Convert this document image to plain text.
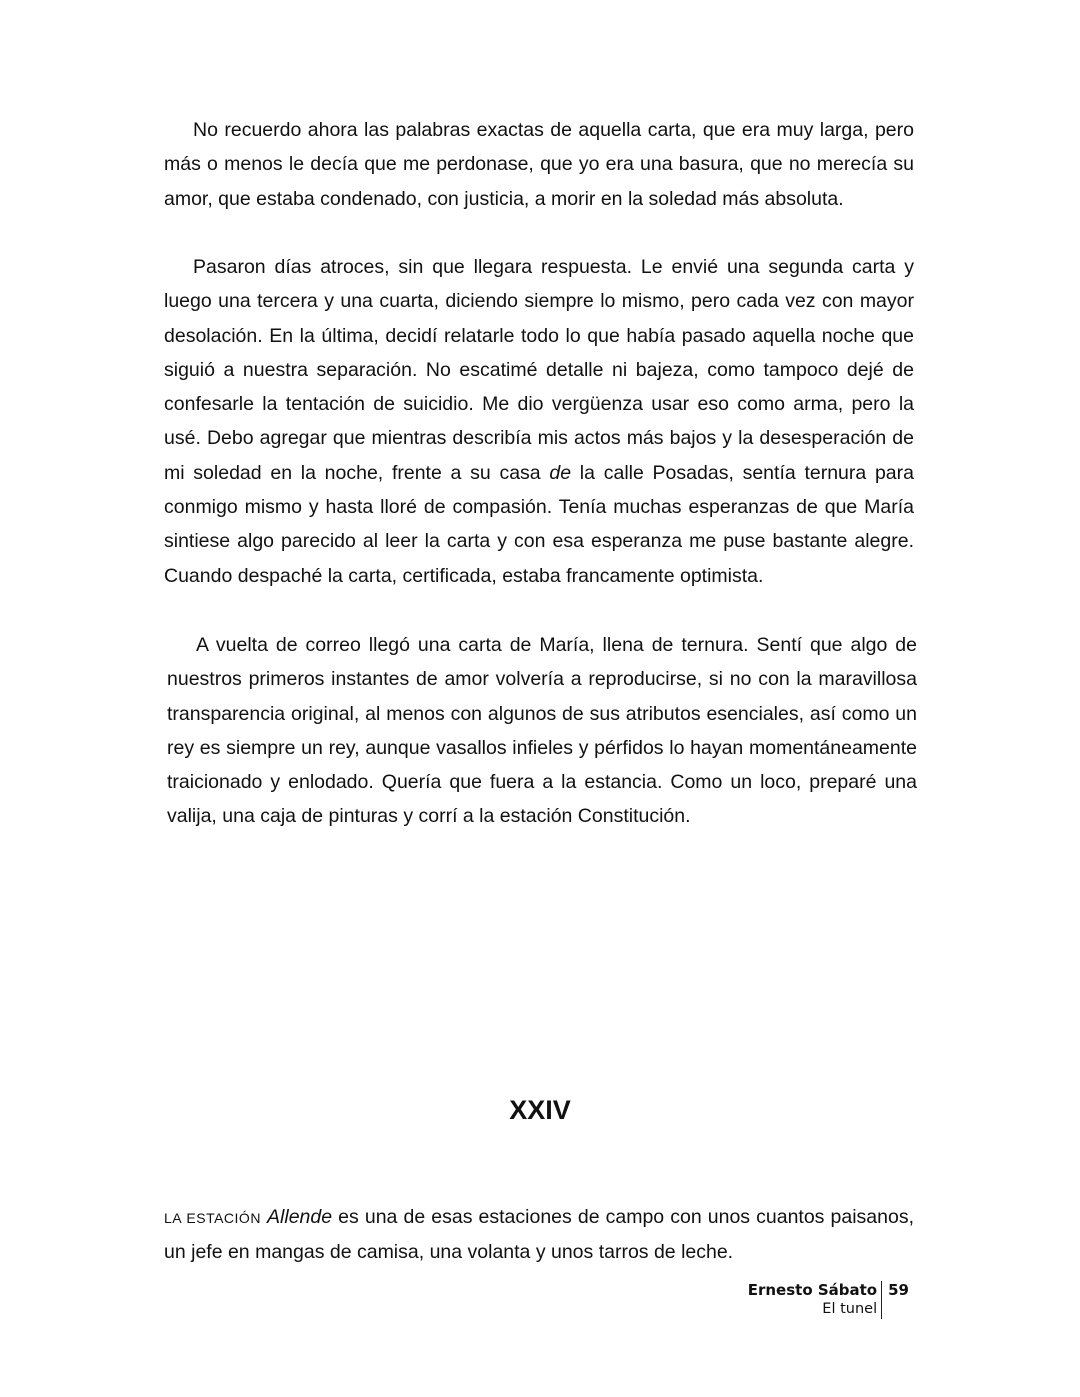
No recuerdo ahora las palabras exactas de aquella carta, que era muy larga, pero más o menos le decía que me perdonase, que yo era una basura, que no merecía su amor, que estaba condenado, con justicia, a morir en la soledad más absoluta.

Pasaron días atroces, sin que llegara respuesta. Le envié una segunda carta y luego una tercera y una cuarta, diciendo siempre lo mismo, pero cada vez con mayor desolación. En la última, decidí relatarle todo lo que había pasado aquella noche que siguió a nuestra separación. No escatimé detalle ni bajeza, como tampoco dejé de confesarle la tentación de suicidio. Me dio vergüenza usar eso como arma, pero la usé. Debo agregar que mientras describía mis actos más bajos y la desesperación de mi soledad en la noche, frente a su casa de la calle Posadas, sentía ternura para conmigo mismo y hasta lloré de compasión. Tenía muchas esperanzas de que María sintiese algo parecido al leer la carta y con esa esperanza me puse bastante alegre. Cuando despaché la carta, certificada, estaba francamente optimista.

A vuelta de correo llegó una carta de María, llena de ternura. Sentí que algo de nuestros primeros instantes de amor volvería a reproducirse, si no con la maravillosa transparencia original, al menos con algunos de sus atributos esenciales, así como un rey es siempre un rey, aunque vasallos infieles y pérfidos lo hayan momentáneamente traicionado y enlodado. Quería que fuera a la estancia. Como un loco, preparé una valija, una caja de pinturas y corrí a la estación Constitución.

XXIV

LA ESTACIÓN Allende es una de esas estaciones de campo con unos cuantos paisanos, un jefe en mangas de camisa, una volanta y unos tarros de leche.

Ernesto Sábato
El tunel
59
